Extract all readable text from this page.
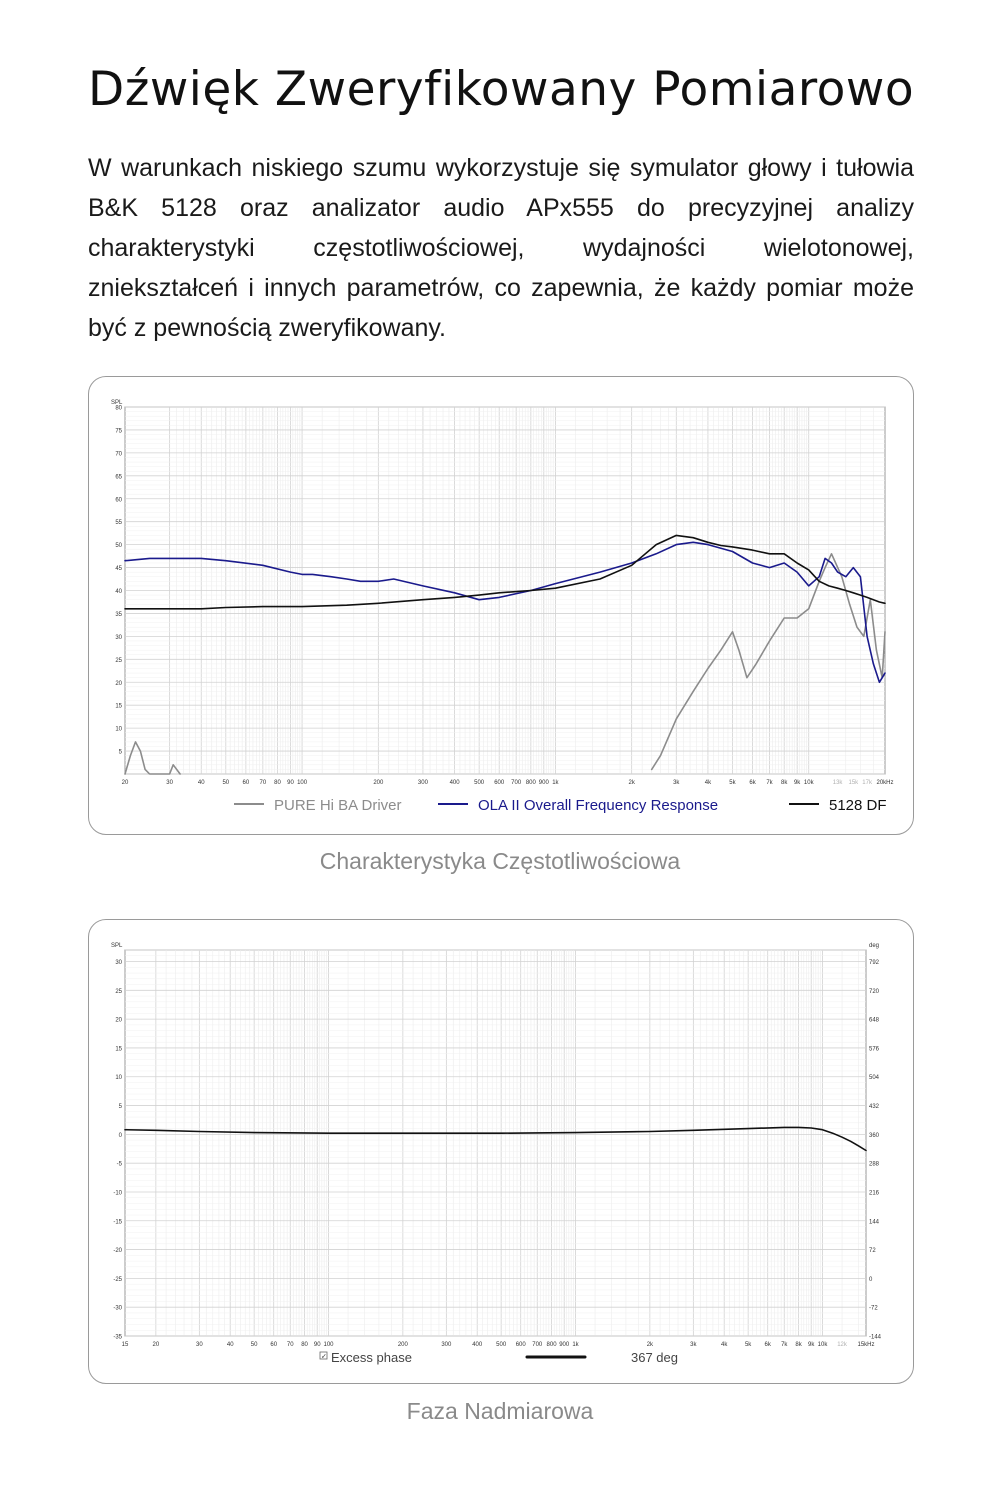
Dźwięk Zweryfikowany Pomiarowo

W warunkach niskiego szumu wykorzystuje się symulator głowy i tułowia B&K 5128 oraz analizator audio APx555 do precyzyjnej analizy charakterystyki częstotliwościowej, wydajności wielotonowej, zniekształceń i innych parametrów, co zapewnia, że każdy pomiar może być z pewnością zweryfikowany.

5
10
15
20
25
30
35
40
45
50
55
60
65
70
75
80
SPL
20	30	40	50 60 70 80 90 100	200	300	400 500 600 700 800 900 1k	2k	3k	4k	5k 6k 7k 8k 9k 10k	13k 15k 17k 20kHz
PURE Hi BA Driver	OLA II Overall Frequency Response	5128 DF

Charakterystyka Częstotliwościowa

30
25
20
15
10
5
0
-5
-10
-15
-20
-25
-30
-35
SPL
792
720
648
576
504
432
360
288
216
144
72
0
-72
-144
deg
15	20	30	40	50 60 70 80 90 100	200	300	400 500 600 700 800 900 1k	2k	3k	4k	5k 6k 7k 8k 9k 10k 12k 15kHz
✓ Excess phase	367 deg

Faza Nadmiarowa
